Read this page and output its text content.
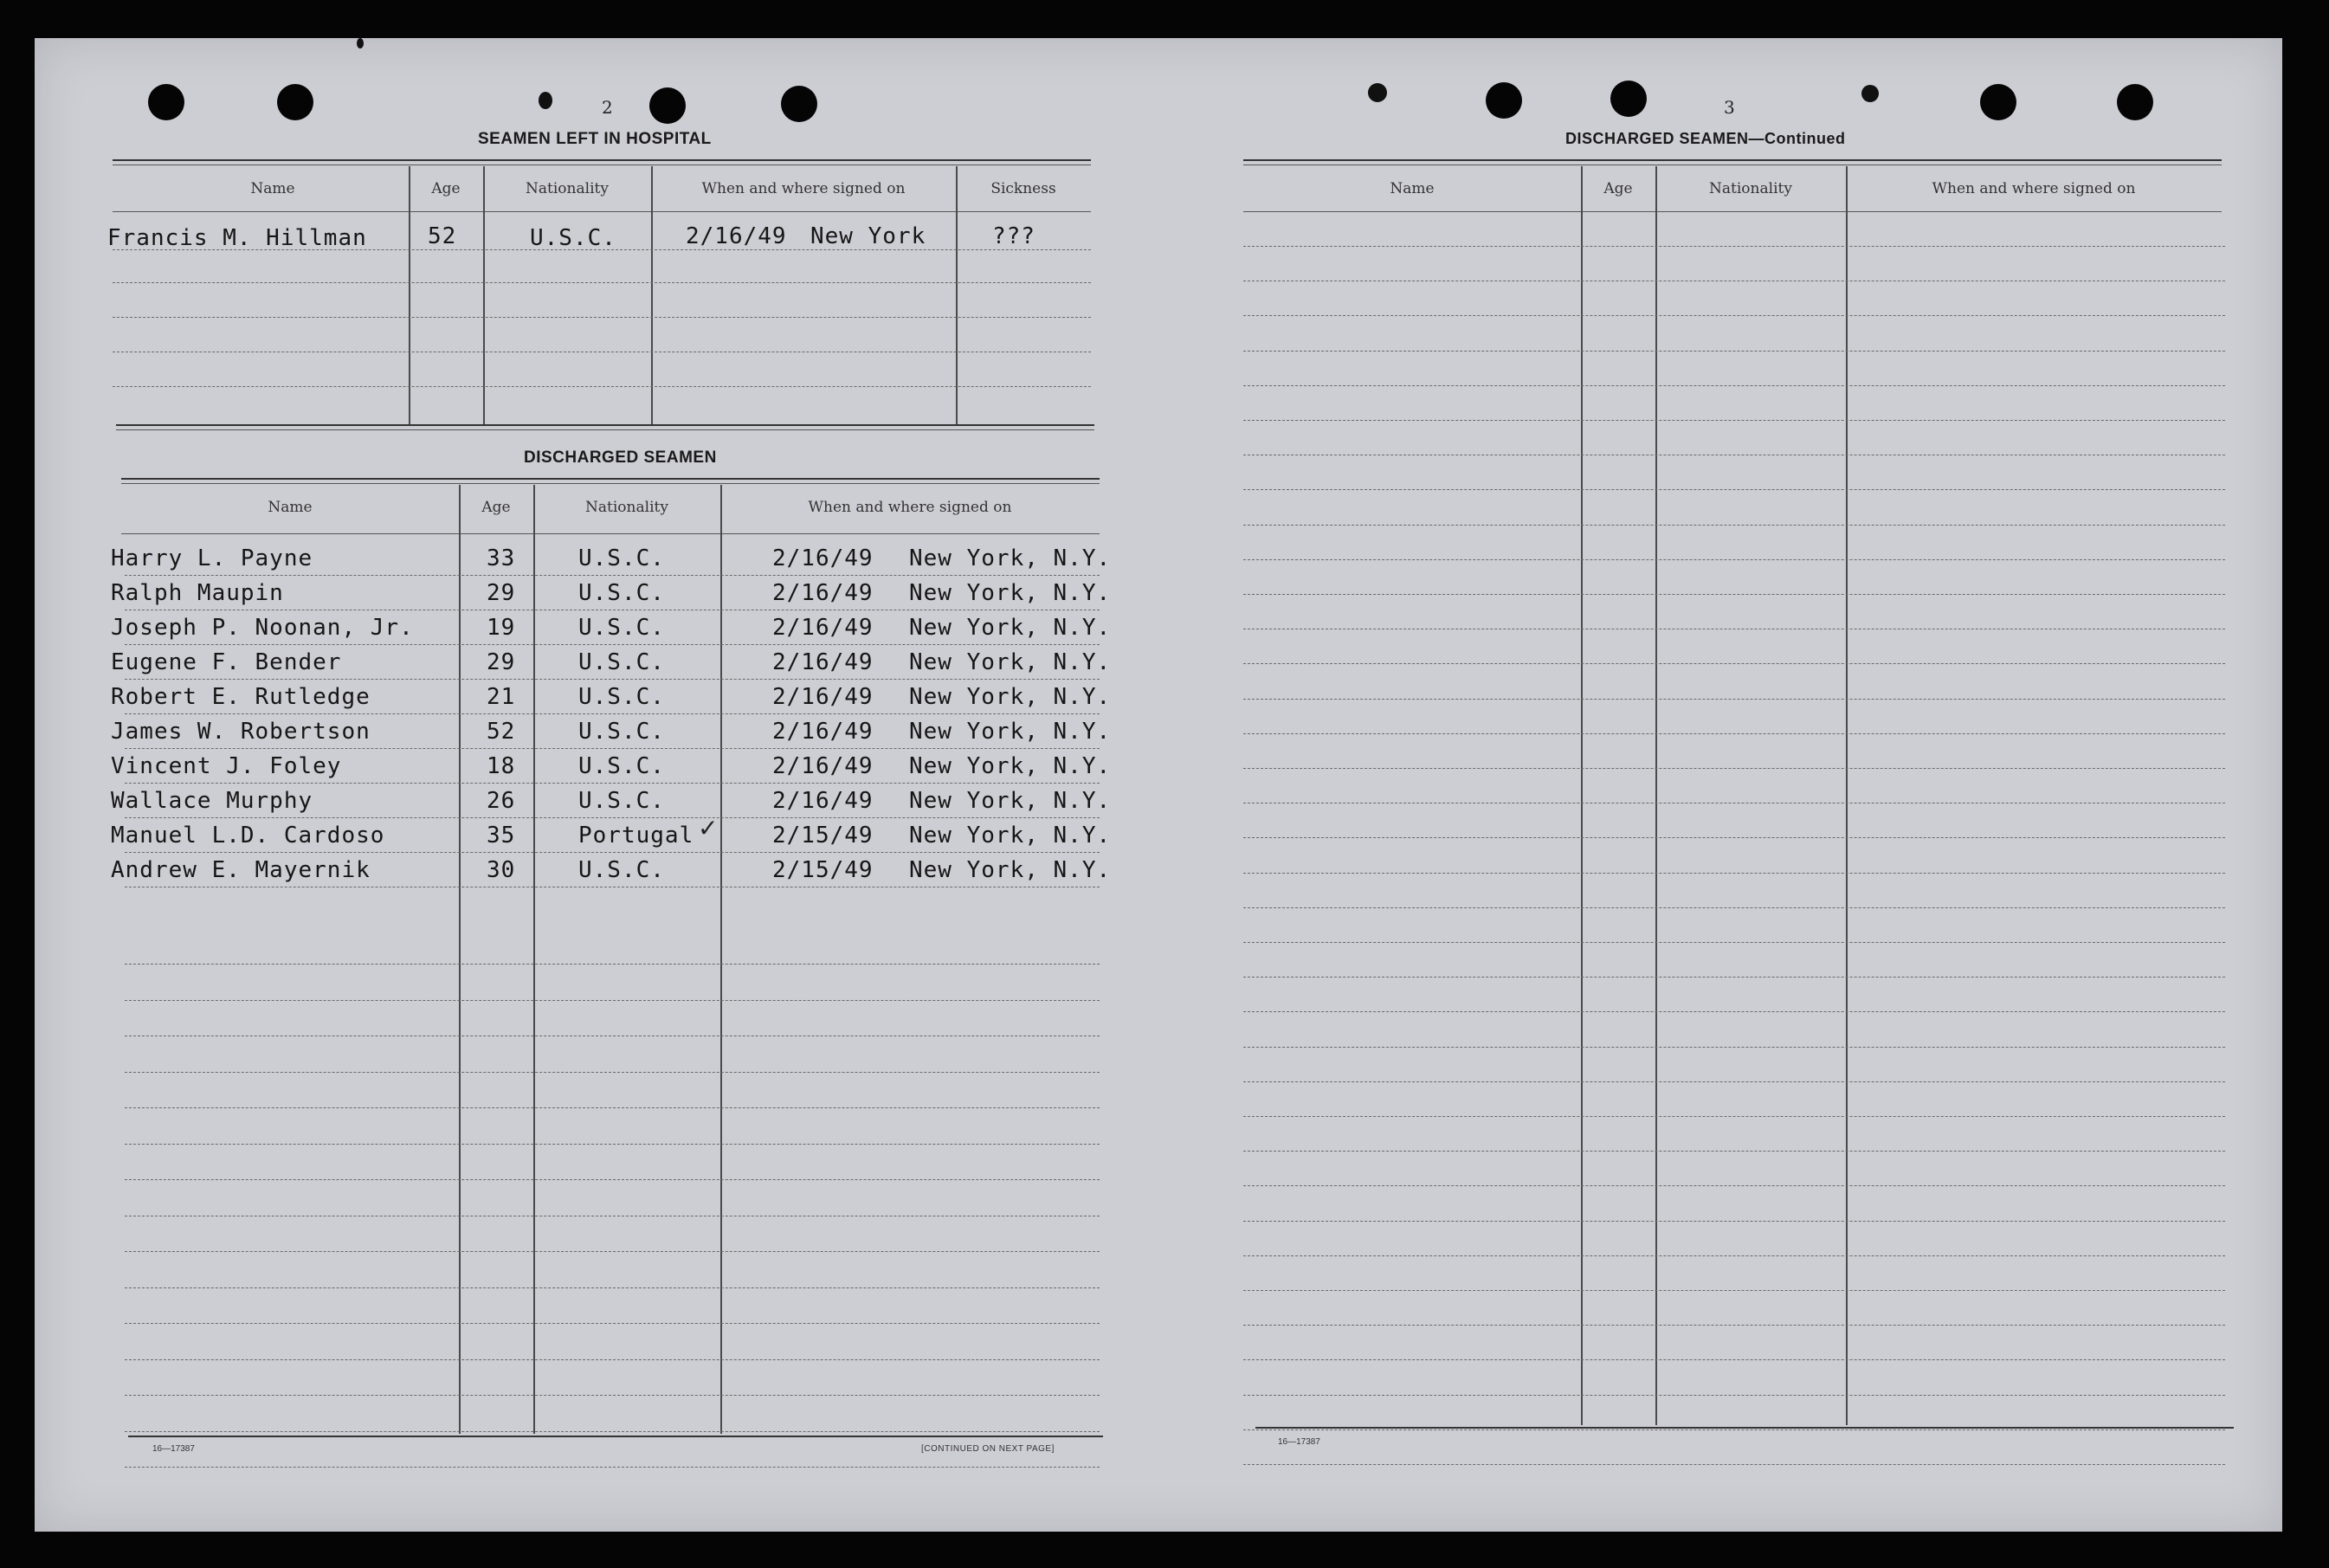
2
SEAMEN LEFT IN HOSPITAL
Name	Age	Nationality	When and where signed on	Sickness
Francis M. Hillman	52	U.S.C.	2/16/49 New York	???
DISCHARGED SEAMEN
Name	Age	Nationality	When and where signed on
Harry L. Payne	33	U.S.C.	2/16/49 New York, N.Y.
Ralph Maupin	29	U.S.C.	2/16/49 New York, N.Y.
Joseph P. Noonan, Jr.	19	U.S.C.	2/16/49 New York, N.Y.
Eugene F. Bender	29	U.S.C.	2/16/49 New York, N.Y.
Robert E. Rutledge	21	U.S.C.	2/16/49 New York, N.Y.
James W. Robertson	52	U.S.C.	2/16/49 New York, N.Y.
Vincent J. Foley	18	U.S.C.	2/16/49 New York, N.Y.
Wallace Murphy	26	U.S.C.	2/16/49 New York, N.Y.
Manuel L.D. Cardoso	35	Portugal	2/15/49 New York, N.Y.
Andrew E. Mayernik	30	U.S.C.	2/15/49 New York, N.Y.
✓
16—17387	[CONTINUED ON NEXT PAGE]
3
DISCHARGED SEAMEN—Continued
Name	Age	Nationality	When and where signed on
16—17387
